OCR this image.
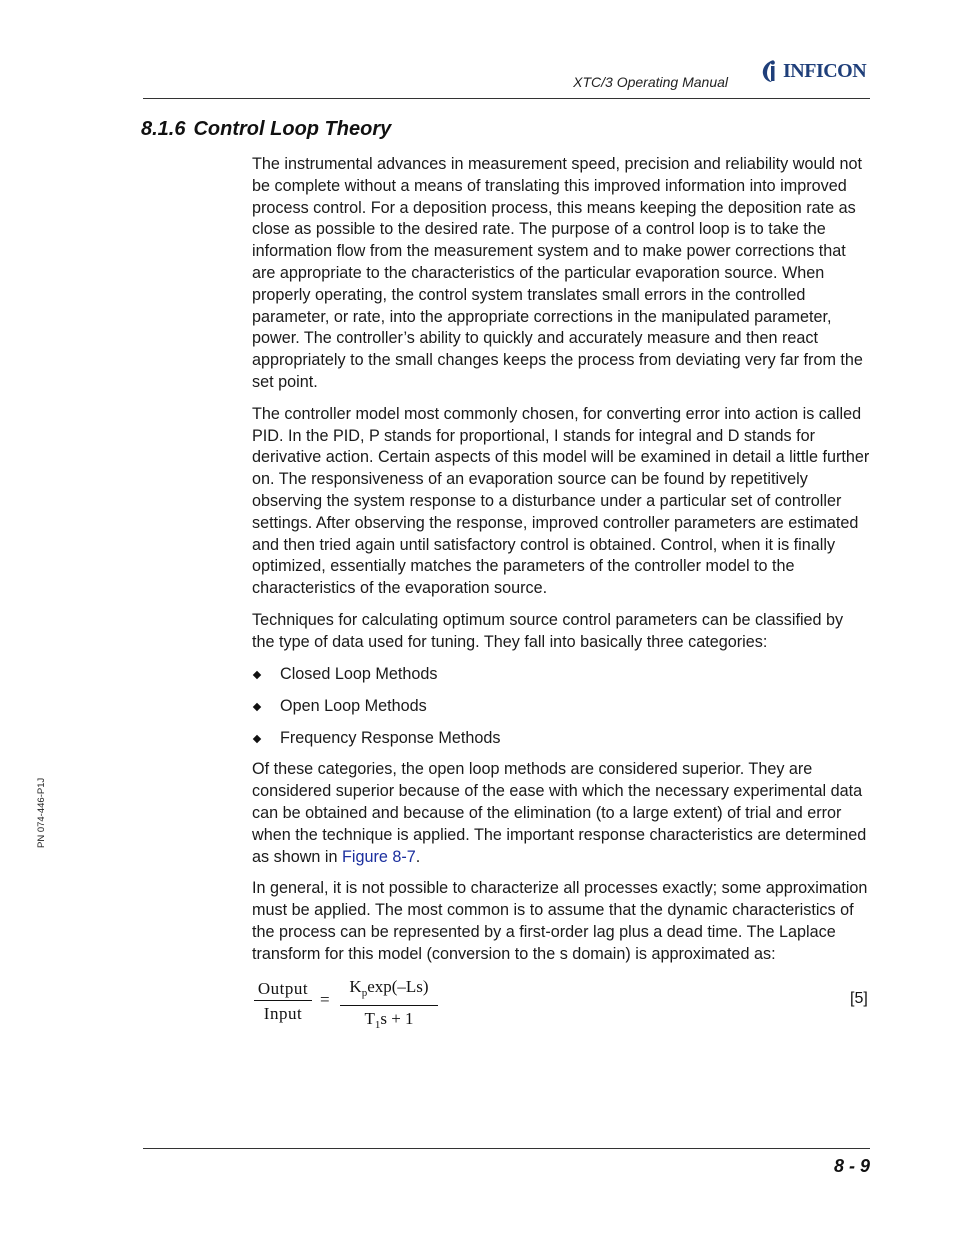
XTC/3 Operating Manual
INFICON
8.1.6 Control Loop Theory

The instrumental advances in measurement speed, precision and reliability would not be complete without a means of translating this improved information into improved process control. For a deposition process, this means keeping the deposition rate as close as possible to the desired rate. The purpose of a control loop is to take the information flow from the measurement system and to make power corrections that are appropriate to the characteristics of the particular evaporation source. When properly operating, the control system translates small errors in the controlled parameter, or rate, into the appropriate corrections in the manipulated parameter, power. The controller’s ability to quickly and accurately measure and then react appropriately to the small changes keeps the process from deviating very far from the set point.

The controller model most commonly chosen, for converting error into action is called PID. In the PID, P stands for proportional, I stands for integral and D stands for derivative action. Certain aspects of this model will be examined in detail a little further on. The responsiveness of an evaporation source can be found by repetitively observing the system response to a disturbance under a particular set of controller settings. After observing the response, improved controller parameters are estimated and then tried again until satisfactory control is obtained. Control, when it is finally optimized, essentially matches the parameters of the controller model to the characteristics of the evaporation source.

Techniques for calculating optimum source control parameters can be classified by the type of data used for tuning. They fall into basically three categories:

Closed Loop Methods
Open Loop Methods
Frequency Response Methods

Of these categories, the open loop methods are considered superior. They are considered superior because of the ease with which the necessary experimental data can be obtained and because of the elimination (to a large extent) of trial and error when the technique is applied. The important response characteristics are determined as shown in Figure 8-7.

In general, it is not possible to characterize all processes exactly; some approximation must be applied. The most common is to assume that the dynamic characteristics of the process can be represented by a first-order lag plus a dead time. The Laplace transform for this model (conversion to the s domain) is approximated as:

Output
Input
= $\frac{K_p\exp(-Ls)}{T_1s + 1}$	[5]
PN 074-446-P1J
8 - 9
